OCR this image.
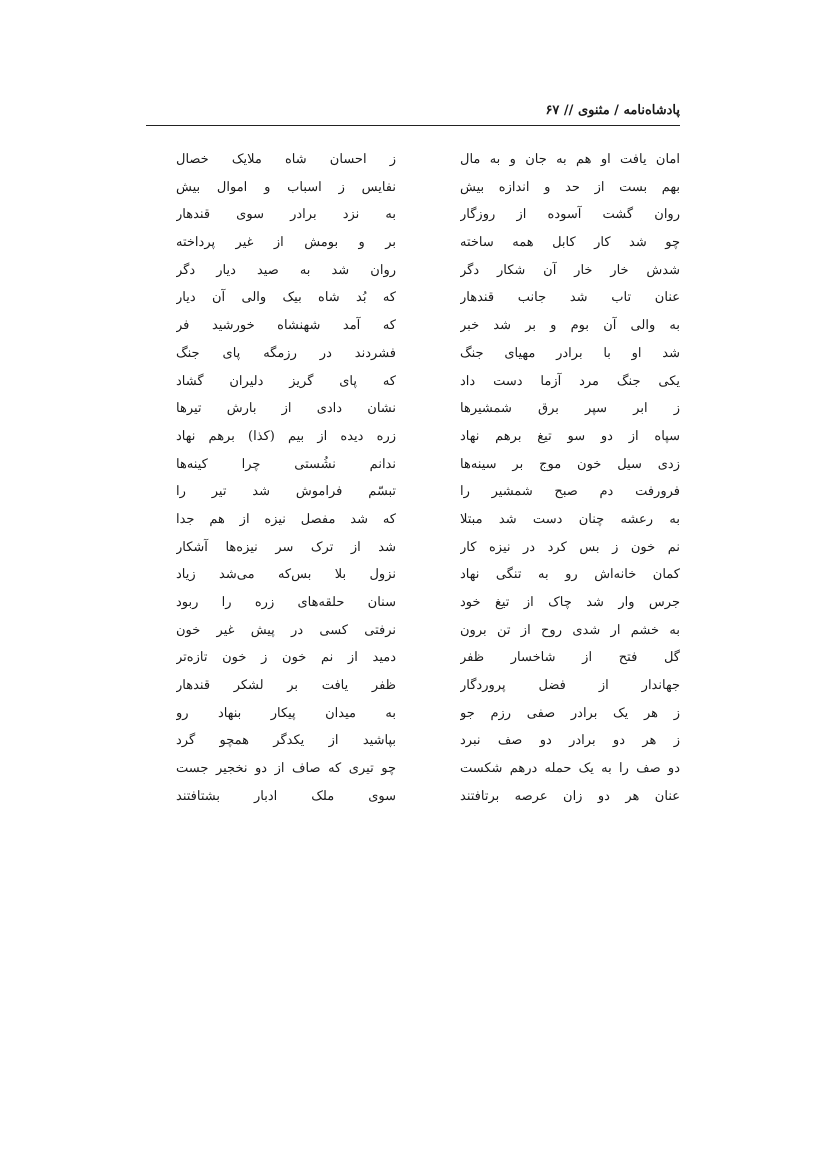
پادشاه‌نامه / مثنوی // ۶۷
امان یافت او هم به جان و به مال
ز احسان شاه ملایک خصال
بهم بست از حد و اندازه بیش
نفایس ز اسباب و اموال بیش
روان گشت آسوده از روزگار
به نزد برادر سوی قندهار
چو شد کار کابل همه ساخته
بر و بومش از غیر پرداخته
شدش خار خار آن شکار دگر
روان شد به صید دیار دگر
عنان تاب شد جانب قندهار
که بُد شاه بیک والی آن دیار
به والی آن بوم و بر شد خبر
که آمد شهنشاه خورشید فر
شد او با برادر مهیای جنگ
فشردند در رزمگه پای جنگ
یکی جنگ مرد آزما دست داد
که پای گریز دلیران گشاد
ز ابر سپر برق شمشیرها
نشان دادی از بارش تیرها
سپاه از دو سو تیغ برهم نهاد
زره دیده از بیم (کذا) برهم نهاد
زدی سیل خون موج بر سینه‌ها
ندانم نشُستی چرا کینه‌ها
فرورفت دم صبح شمشیر را
تبسّم فراموش شد تیر را
به رعشه چنان دست شد مبتلا
که شد مفصل نیزه از هم جدا
نم خون ز بس کرد در نیزه کار
شد از ترک سر نیزه‌ها آشکار
کمان خانه‌اش رو به تنگی نهاد
نزول بلا بس‌که می‌شد زیاد
جرس وار شد چاک از تیغ خود
سنان حلقه‌های زره را ربود
به خشم ار شدی روح از تن برون
نرفتی کسی در پیش غیر خون
گل فتح از شاخسار ظفر
دمید از نم خون ز خون تازه‌تر
جهاندار از فضل پروردگار
ظفر یافت بر لشکر قندهار
ز هر یک برادر صفی رزم جو
به میدان پیکار بنهاد رو
ز هر دو برادر دو صف نبرد
بپاشید از یکدگر همچو گرد
دو صف را به یک حمله درهم شکست
چو تیری که صاف از دو نخجیر جست
عنان هر دو زان عرصه برتافتند
سوی ملک ادبار بشتافتند
